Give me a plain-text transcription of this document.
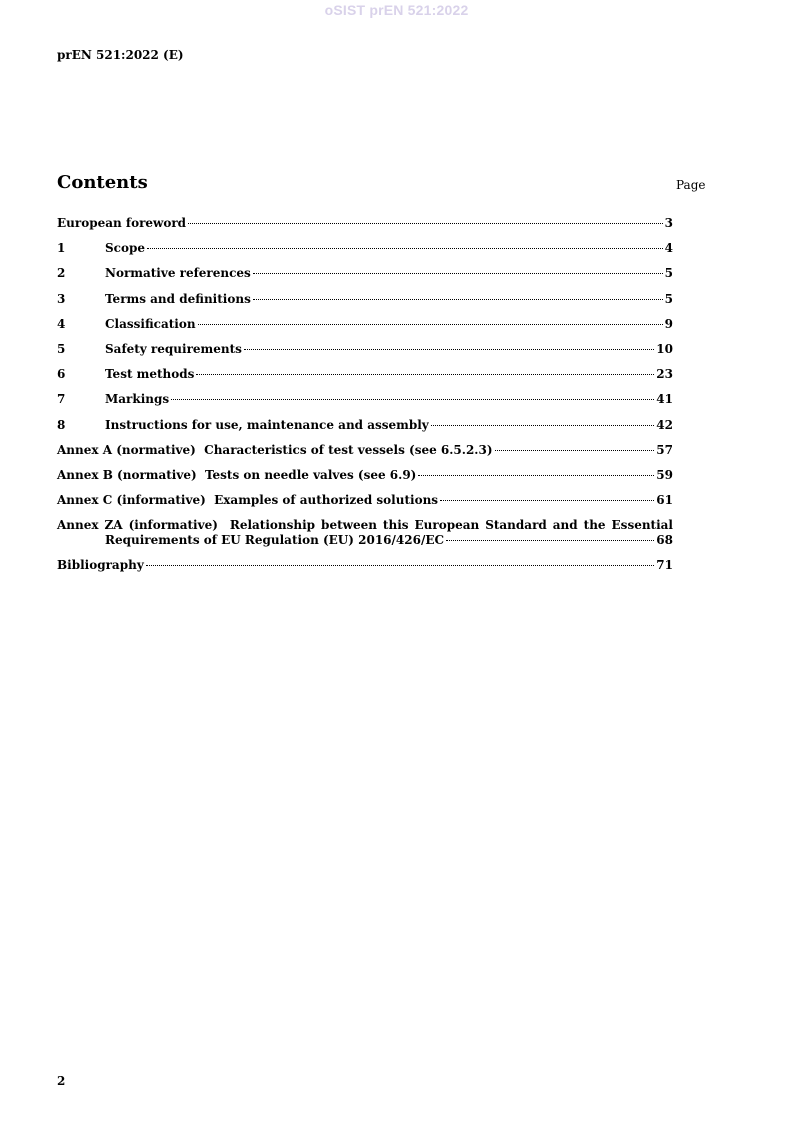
oSIST prEN 521:2022
prEN 521:2022 (E)
Contents	Page
European foreword	3
1	Scope	4
2	Normative references	5
3	Terms and definitions	5
4	Classification	9
5	Safety requirements	10
6	Test methods	23
7	Markings	41
8	Instructions for use, maintenance and assembly	42
Annex A (normative)  Characteristics of test vessels (see 6.5.2.3)	57
Annex B (normative)  Tests on needle valves (see 6.9)	59
Annex C (informative)  Examples of authorized solutions	61
Annex ZA (informative)  Relationship between this European Standard and the Essential
Requirements of EU Regulation (EU) 2016/426/EC	68
Bibliography	71
2
